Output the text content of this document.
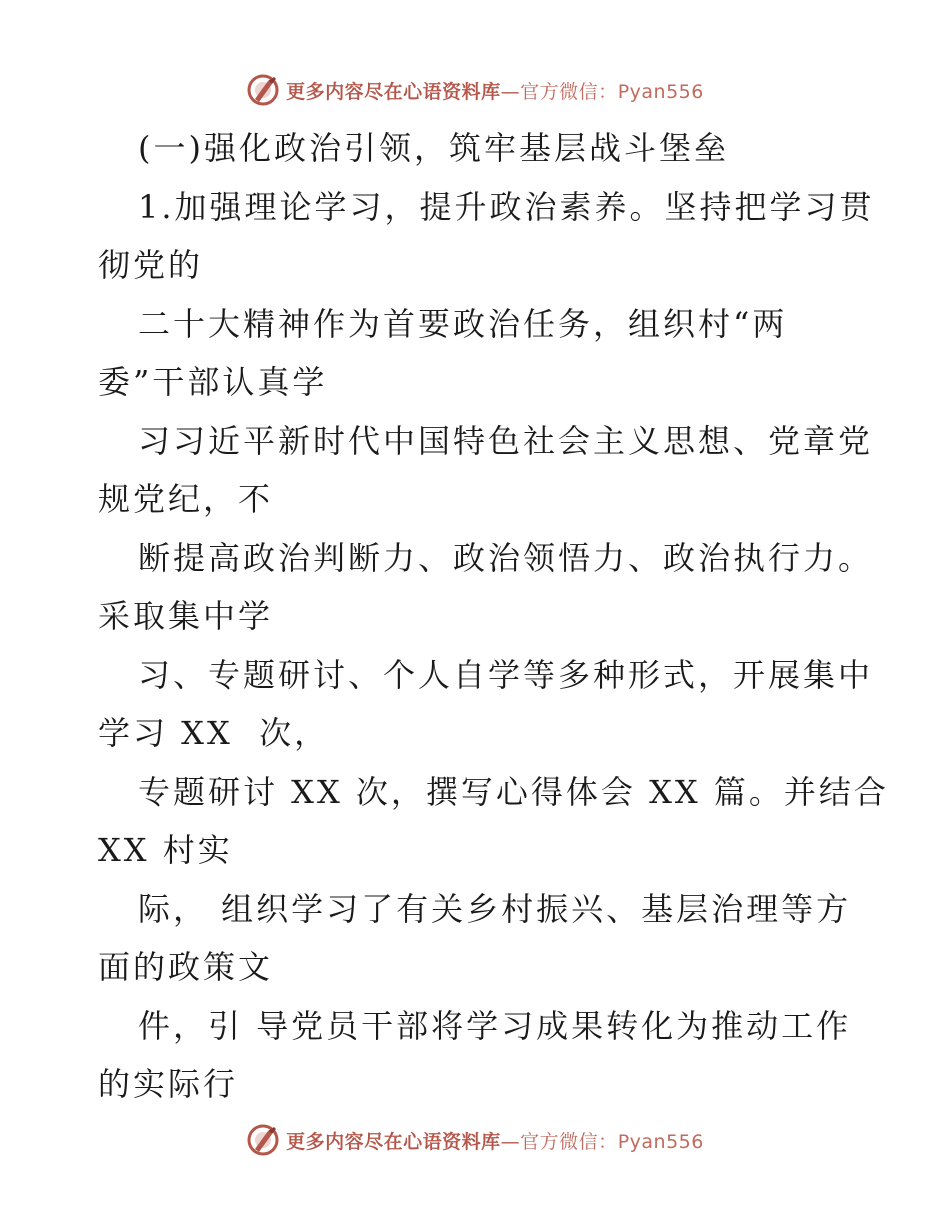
更多内容尽在心语资料库—官方微信：Pyan556
(一)强化政治引领，筑牢基层战斗堡垒
1.加强理论学习，提升政治素养。坚持把学习贯
彻党的
二十大精神作为首要政治任务，组织村“两
委”干部认真学
习习近平新时代中国特色社会主义思想、党章党
规党纪，不
断提高政治判断力、政治领悟力、政治执行力。
采取集中学
习、专题研讨、个人自学等多种形式，开展集中
学习 XX  次，
专题研讨 XX 次，撰写心得体会 XX 篇。并结合
XX 村实
际， 组织学习了有关乡村振兴、基层治理等方
面的政策文
件，引 导党员干部将学习成果转化为推动工作
的实际行
更多内容尽在心语资料库—官方微信：Pyan556
